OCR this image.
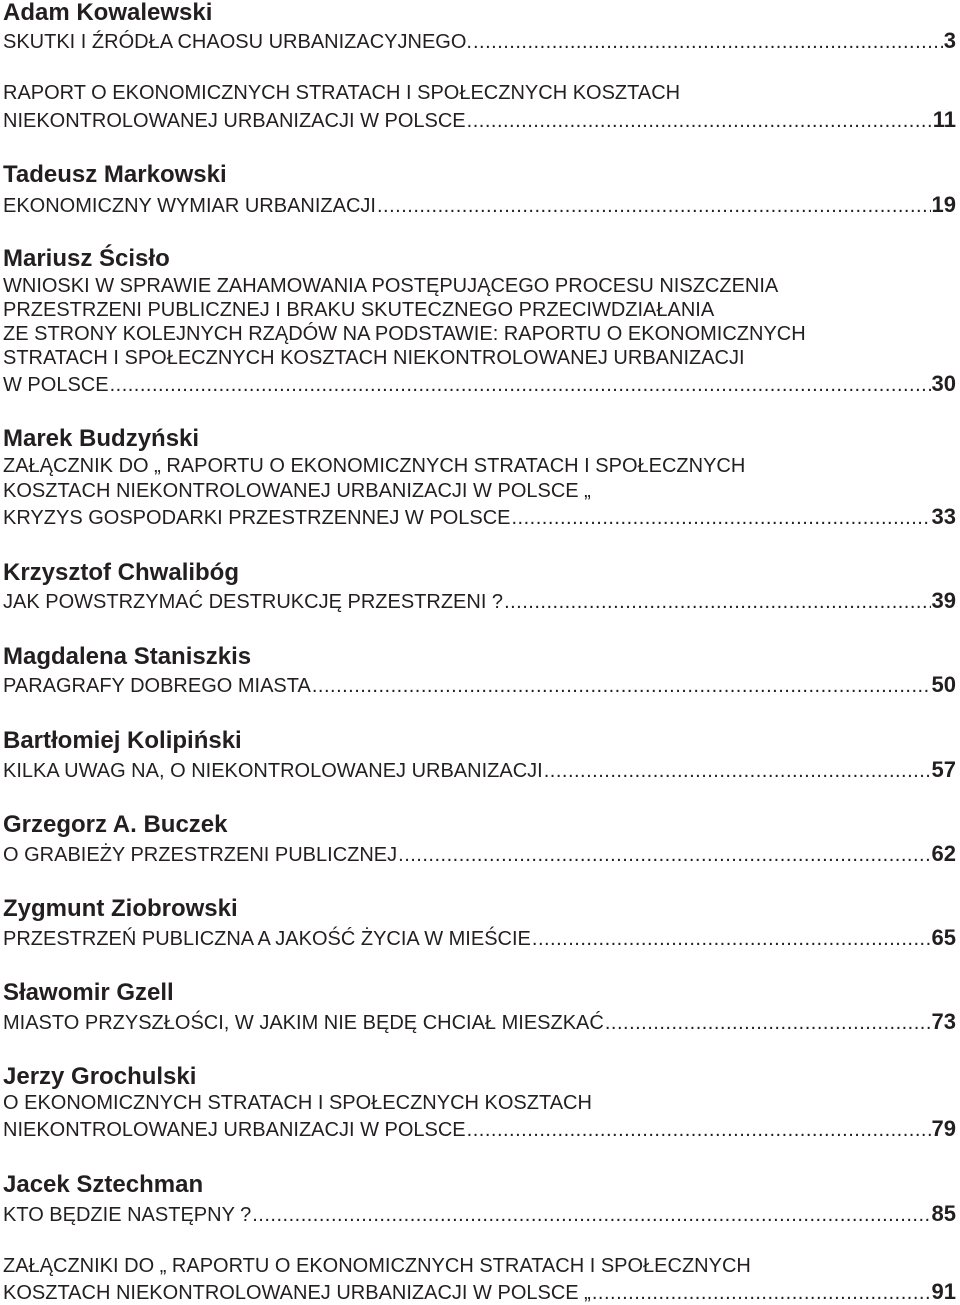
Adam Kowalewski
SKUTKI I ŹRÓDŁA CHAOSU URBANIZACYJNEGO. .....	3
RAPORT O EKONOMICZNYCH STRATACH I SPOŁECZNYCH KOSZTACH
NIEKONTROLOWANEJ URBANIZACJI W POLSCE .....	11
Tadeusz Markowski
EKONOMICZNY WYMIAR URBANIZACJI .....	19
Mariusz Ścisło
WNIOSKI W SPRAWIE ZAHAMOWANIA POSTĘPUJĄCEGO PROCESU NISZCZENIA
PRZESTRZENI PUBLICZNEJ I BRAKU SKUTECZNEGO PRZECIWDZIAŁANIA
ZE STRONY KOLEJNYCH RZĄDÓW NA PODSTAWIE: RAPORTU O EKONOMICZNYCH
STRATACH I SPOŁECZNYCH KOSZTACH NIEKONTROLOWANEJ URBANIZACJI
W POLSCE .....	30
Marek Budzyński
ZAŁĄCZNIK DO „ RAPORTU O EKONOMICZNYCH STRATACH I SPOŁECZNYCH
KOSZTACH NIEKONTROLOWANEJ URBANIZACJI W POLSCE „
KRYZYS GOSPODARKI PRZESTRZENNEJ W POLSCE .....	33
Krzysztof Chwalibóg
JAK POWSTRZYMAĆ DESTRUKCJĘ PRZESTRZENI ? .....	39
Magdalena Staniszkis
PARAGRAFY DOBREGO MIASTA .....	50
Bartłomiej Kolipiński
KILKA UWAG NA, O NIEKONTROLOWANEJ URBANIZACJI .....	57
Grzegorz A. Buczek
O GRABIEŻY PRZESTRZENI PUBLICZNEJ .....	62
Zygmunt Ziobrowski
PRZESTRZEŃ PUBLICZNA A JAKOŚĆ ŻYCIA W MIEŚCIE .....	65
Sławomir Gzell
MIASTO PRZYSZŁOŚCI, W JAKIM NIE BĘDĘ CHCIAŁ MIESZKAĆ .....	73
Jerzy Grochulski
O EKONOMICZNYCH STRATACH I SPOŁECZNYCH KOSZTACH
NIEKONTROLOWANEJ URBANIZACJI W POLSCE .....	79
Jacek Sztechman
KTO BĘDZIE NASTĘPNY ? .....	85
ZAŁĄCZNIKI DO „ RAPORTU O EKONOMICZNYCH STRATACH I SPOŁECZNYCH
KOSZTACH NIEKONTROLOWANEJ URBANIZACJI W POLSCE „ .....	91
